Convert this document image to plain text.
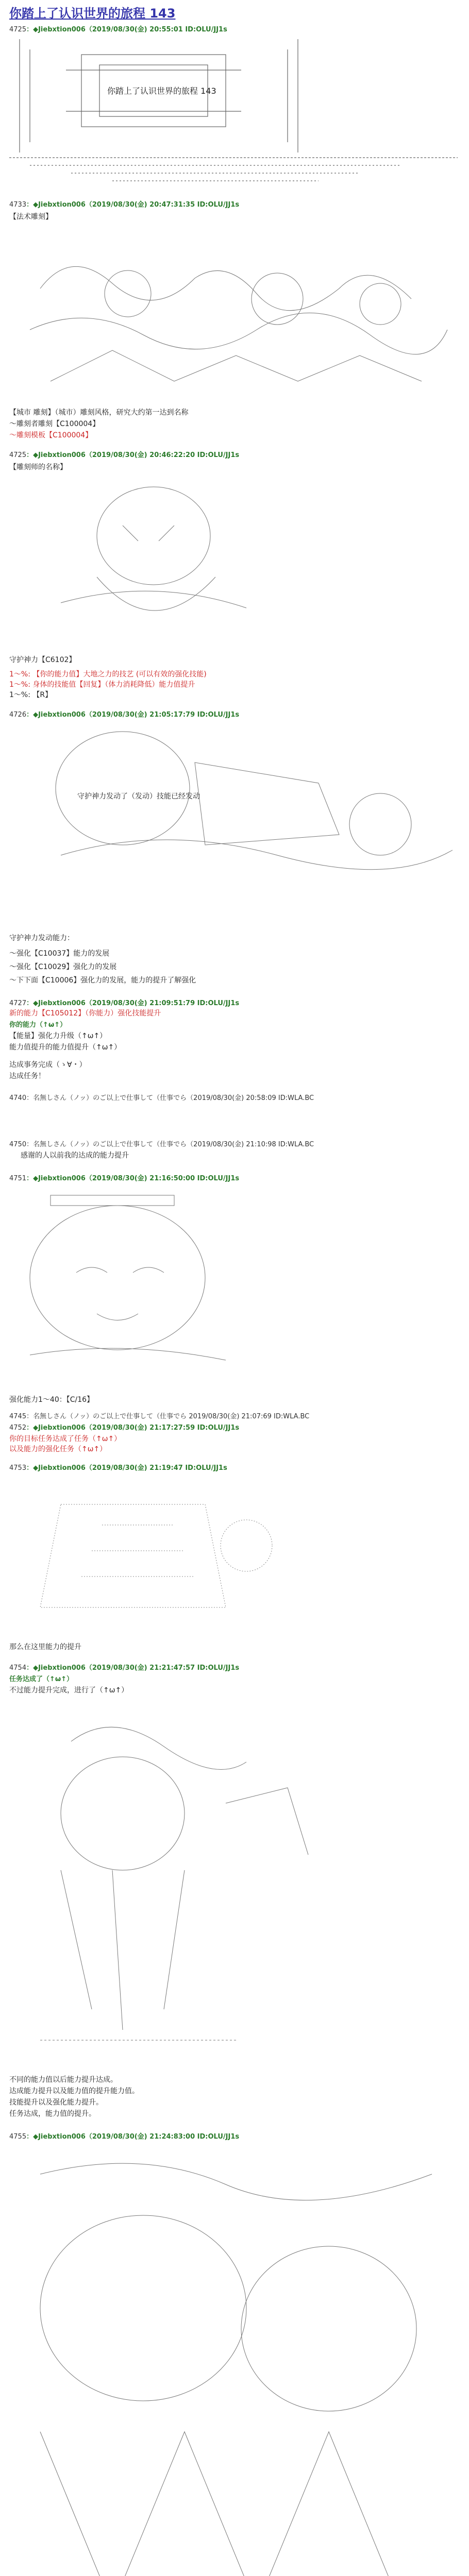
你踏上了认识世界的旅程 143
4725：◆Jiebxtion006（2019/08/30(金) 20:55:01 ID:OLU/JJ1s
你踏上了认识世界的旅程 143
4733：◆Jiebxtion006（2019/08/30(金) 20:47:31:35 ID:OLU/JJ1s
【法术雕刻】
【城市 雕刻】（城市）雕刻风格，研究大约第一达到名称
～雕刻者雕刻【C100004】
～雕刻模板【C100004】
4725：◆Jiebxtion006（2019/08/30(金) 20:46:22:20 ID:OLU/JJ1s
【雕刻师的名称】
守护神力【C6102】
1～%: 【你的能力值】大地之力的技艺 (可以有效的强化技能)
1～%: 身体的技能值【回复】（体力消耗降低）能力值提升
1～%: 【R】
4726：◆Jiebxtion006（2019/08/30(金) 21:05:17:79 ID:OLU/JJ1s
守护神力发动了（发动）技能已经发动
守护神力发动能力：
～强化【C10037】能力的发展
～强化【C10029】强化力的发展
～下下面【C10006】强化力的发展，能力的提升了解强化
4727：◆Jiebxtion006（2019/08/30(金) 21:09:51:79 ID:OLU/JJ1s
新的能力【C105012】（你能力）强化技能提升
你的能力（↑ω↑）
【能量】强化力升级（↑ω↑）
能力值提升的能力值提升（↑ω↑）
达成事务完成（ゝ∀・）
达成任务！
4740：名無しさん（ノッ）のご以上で仕事して（仕事でら（2019/08/30(金) 20:58:09 ID:WLA.BC
4750：名無しさん（ノッ）のご以上で仕事して（仕事でら（2019/08/30(金) 21:10:98 ID:WLA.BC
感谢的人以前我的达成的能力提升
4751：◆Jiebxtion006（2019/08/30(金) 21:16:50:00 ID:OLU/JJ1s
强化能力1～40：【C/16】
4745：名無しさん（ノッ）のご以上で仕事して（仕事でら 2019/08/30(金) 21:07:69 ID:WLA.BC
4752：◆Jiebxtion006（2019/08/30(金) 21:17:27:59 ID:OLU/JJ1s
你的目标任务达成了任务（↑ω↑）
以及能力的强化任务（↑ω↑）
4753：◆Jiebxtion006（2019/08/30(金) 21:19:47 ID:OLU/JJ1s
那么在这里能力的提升
4754：◆Jiebxtion006（2019/08/30(金) 21:21:47:57 ID:OLU/JJ1s
任务达成了（↑ω↑）
不过能力提升完成，进行了（↑ω↑）
不同的能力值以后能力提升达成。
达成能力提升以及能力值的提升能力值。
技能提升以及强化能力提升。
任务达成，能力值的提升。
4755：◆Jiebxtion006（2019/08/30(金) 21:24:83:00 ID:OLU/JJ1s
